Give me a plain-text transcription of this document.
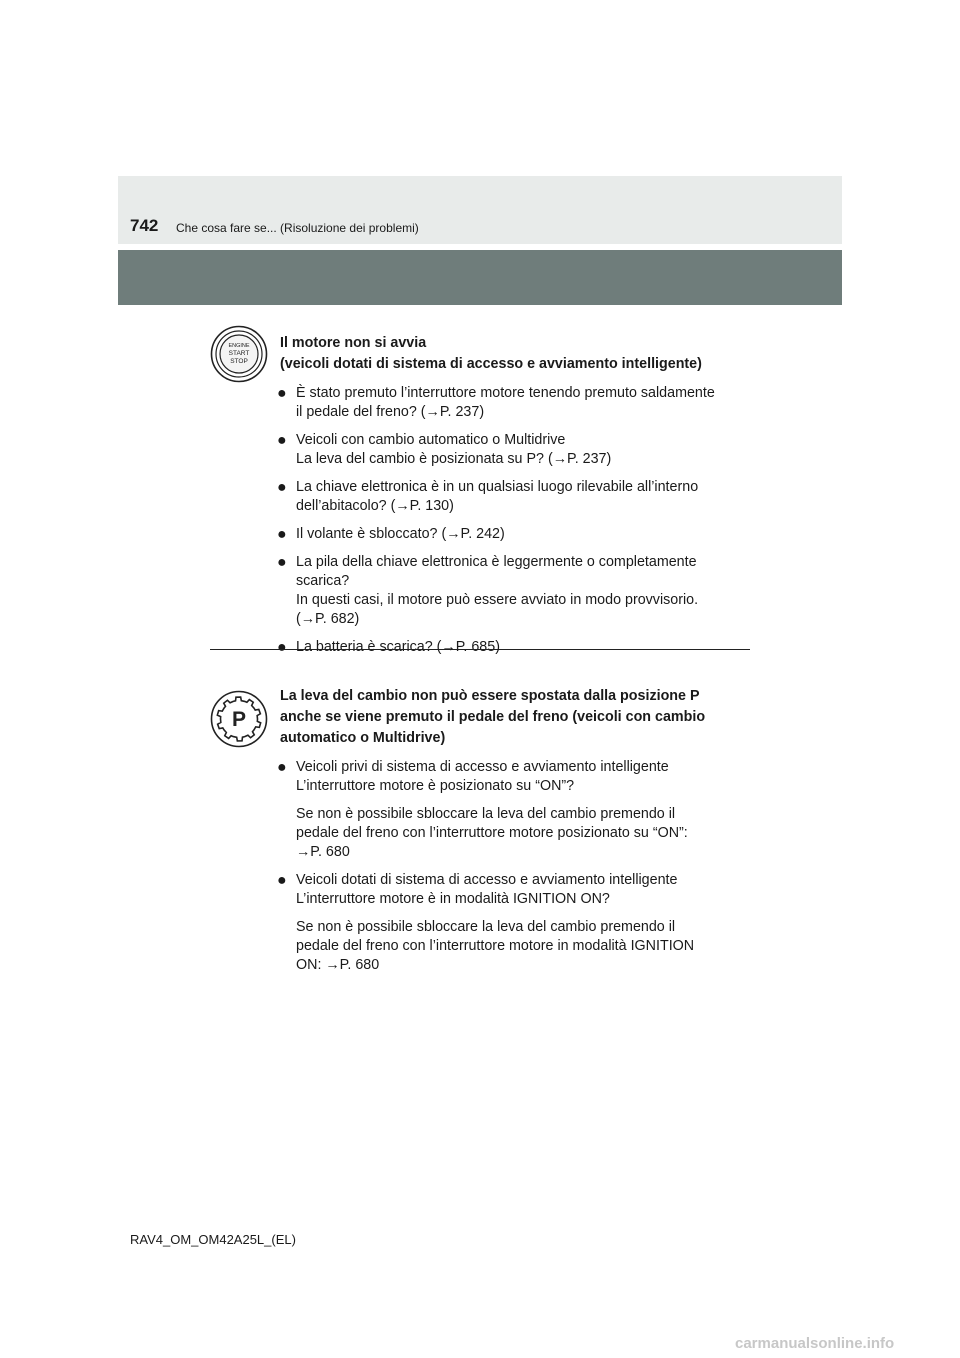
742 Che cosa fare se... (Risoluzione dei problemi)
ENGINE
START
STOP
Il motore non si avvia
(veicoli dotati di sistema di accesso e avviamento intelligente)
● È stato premuto l’interruttore motore tenendo premuto saldamente
il pedale del freno? (→P. 237)
● Veicoli con cambio automatico o Multidrive
La leva del cambio è posizionata su P? (→P. 237)
● La chiave elettronica è in un qualsiasi luogo rilevabile all’interno
dell’abitacolo? (→P. 130)
● Il volante è sbloccato? (→P. 242)
● La pila della chiave elettronica è leggermente o completamente
scarica?
In questi casi, il motore può essere avviato in modo provvisorio.
(→P. 682)
● La batteria è scarica? (→P. 685)
P
La leva del cambio non può essere spostata dalla posizione P
anche se viene premuto il pedale del freno (veicoli con cambio
automatico o Multidrive)
● Veicoli privi di sistema di accesso e avviamento intelligente
L’interruttore motore è posizionato su “ON”?
Se non è possibile sbloccare la leva del cambio premendo il
pedale del freno con l’interruttore motore posizionato su “ON”:
→P. 680
● Veicoli dotati di sistema di accesso e avviamento intelligente
L’interruttore motore è in modalità IGNITION ON?
Se non è possibile sbloccare la leva del cambio premendo il
pedale del freno con l’interruttore motore in modalità IGNITION
ON: →P. 680
RAV4_OM_OM42A25L_(EL)
carmanualsonline.info
